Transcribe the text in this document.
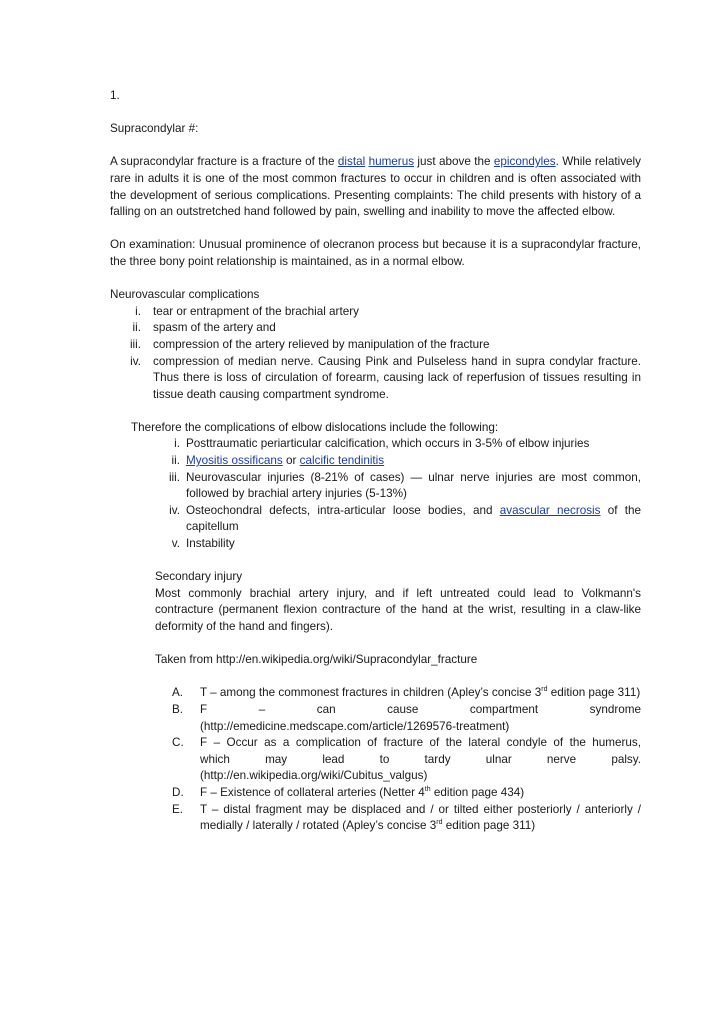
1.

Supracondylar #:

A supracondylar fracture is a fracture of the distal humerus just above the epicondyles. While relatively rare in adults it is one of the most common fractures to occur in children and is often associated with the development of serious complications. Presenting complaints: The child presents with history of a falling on an outstretched hand followed by pain, swelling and inability to move the affected elbow.

On examination: Unusual prominence of olecranon process but because it is a supracondylar fracture, the three bony point relationship is maintained, as in a normal elbow.

Neurovascular complications

i.	tear or entrapment of the brachial artery
ii.	spasm of the artery and
iii.	compression of the artery relieved by manipulation of the fracture
iv.	compression of median nerve. Causing Pink and Pulseless hand in supra condylar fracture. Thus there is loss of circulation of forearm, causing lack of reperfusion of tissues resulting in tissue death causing compartment syndrome.

Therefore the complications of elbow dislocations include the following:

i. Posttraumatic periarticular calcification, which occurs in 3-5% of elbow injuries
ii. Myositis ossificans or calcific tendinitis
iii. Neurovascular injuries (8-21% of cases) — ulnar nerve injuries are most common, followed by brachial artery injuries (5-13%)
iv. Osteochondral defects, intra-articular loose bodies, and avascular necrosis of the capitellum
v. Instability

Secondary injury

Most commonly brachial artery injury, and if left untreated could lead to Volkmann's contracture (permanent flexion contracture of the hand at the wrist, resulting in a claw-like deformity of the hand and fingers).

Taken from http://en.wikipedia.org/wiki/Supracondylar_fracture

A.	T – among the commonest fractures in children (Apley’s concise 3rd edition page 311)
B.	F – can cause compartment syndrome
(http://emedicine.medscape.com/article/1269576-treatment)
C.	F – Occur as a complication of fracture of the lateral condyle of the humerus,
which may lead to tardy ulnar nerve palsy.
(http://en.wikipedia.org/wiki/Cubitus_valgus)
D.	F – Existence of collateral arteries (Netter 4th edition page 434)
E.	T – distal fragment may be displaced and / or tilted either posteriorly / anteriorly / medially / laterally / rotated (Apley’s concise 3rd edition page 311)
